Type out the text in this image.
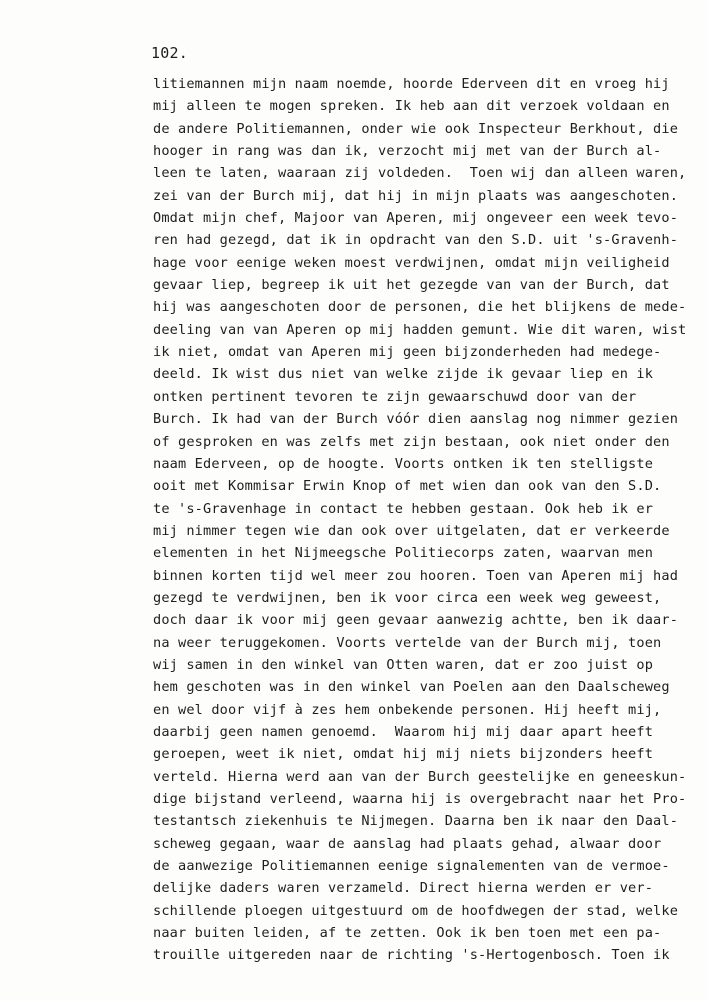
102.
litiemannen mijn naam noemde, hoorde Ederveen dit en vroeg hij
mij alleen te mogen spreken. Ik heb aan dit verzoek voldaan en
de andere Politiemannen, onder wie ook Inspecteur Berkhout, die
hooger in rang was dan ik, verzocht mij met van der Burch al-
leen te laten, waaraan zij voldeden.  Toen wij dan alleen waren,
zei van der Burch mij, dat hij in mijn plaats was aangeschoten.
Omdat mijn chef, Majoor van Aperen, mij ongeveer een week tevo-
ren had gezegd, dat ik in opdracht van den S.D. uit 's-Gravenh-
hage voor eenige weken moest verdwijnen, omdat mijn veiligheid
gevaar liep, begreep ik uit het gezegde van van der Burch, dat
hij was aangeschoten door de personen, die het blijkens de mede-
deeling van van Aperen op mij hadden gemunt. Wie dit waren, wist
ik niet, omdat van Aperen mij geen bijzonderheden had medege-
deeld. Ik wist dus niet van welke zijde ik gevaar liep en ik
ontken pertinent tevoren te zijn gewaarschuwd door van der
Burch. Ik had van der Burch vóór dien aanslag nog nimmer gezien
of gesproken en was zelfs met zijn bestaan, ook niet onder den
naam Ederveen, op de hoogte. Voorts ontken ik ten stelligste
ooit met Kommisar Erwin Knop of met wien dan ook van den S.D.
te 's-Gravenhage in contact te hebben gestaan. Ook heb ik er
mij nimmer tegen wie dan ook over uitgelaten, dat er verkeerde
elementen in het Nijmeegsche Politiecorps zaten, waarvan men
binnen korten tijd wel meer zou hooren. Toen van Aperen mij had
gezegd te verdwijnen, ben ik voor circa een week weg geweest,
doch daar ik voor mij geen gevaar aanwezig achtte, ben ik daar-
na weer teruggekomen. Voorts vertelde van der Burch mij, toen
wij samen in den winkel van Otten waren, dat er zoo juist op
hem geschoten was in den winkel van Poelen aan den Daalscheweg
en wel door vijf à zes hem onbekende personen. Hij heeft mij,
daarbij geen namen genoemd.  Waarom hij mij daar apart heeft
geroepen, weet ik niet, omdat hij mij niets bijzonders heeft
verteld. Hierna werd aan van der Burch geestelijke en geneeskun-
dige bijstand verleend, waarna hij is overgebracht naar het Pro-
testantsch ziekenhuis te Nijmegen. Daarna ben ik naar den Daal-
scheweg gegaan, waar de aanslag had plaats gehad, alwaar door
de aanwezige Politiemannen eenige signalementen van de vermoe-
delijke daders waren verzameld. Direct hierna werden er ver-
schillende ploegen uitgestuurd om de hoofdwegen der stad, welke
naar buiten leiden, af te zetten. Ook ik ben toen met een pa-
trouille uitgereden naar de richting 's-Hertogenbosch. Toen ik
